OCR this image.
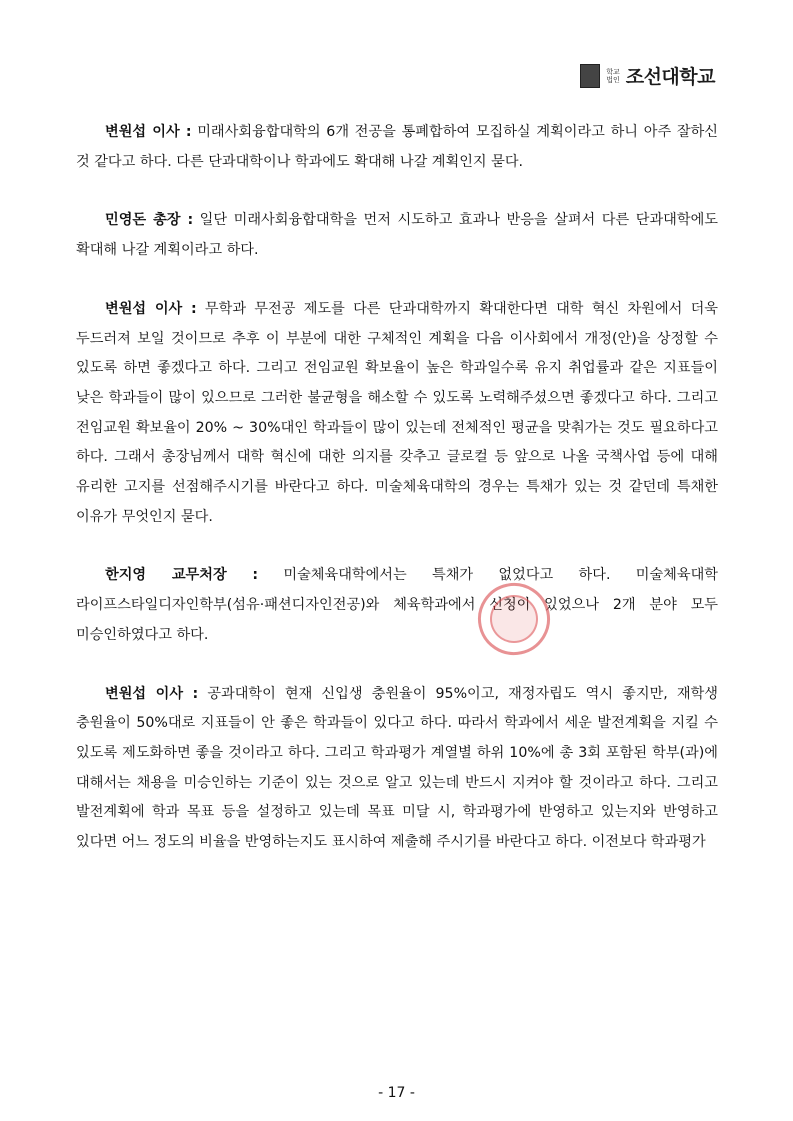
학교
법인 조선대학교

변원섭 이사 : 미래사회융합대학의 6개 전공을 통폐합하여 모집하실 계획이라고 하니 아주 잘하신 것 같다고 하다. 다른 단과대학이나 학과에도 확대해 나갈 계획인지 묻다.

민영돈 총장 : 일단 미래사회융합대학을 먼저 시도하고 효과나 반응을 살펴서 다른 단과대학에도 확대해 나갈 계획이라고 하다.

변원섭 이사 : 무학과 무전공 제도를 다른 단과대학까지 확대한다면 대학 혁신 차원에서 더욱 두드러져 보일 것이므로 추후 이 부분에 대한 구체적인 계획을 다음 이사회에서 개정(안)을 상정할 수 있도록 하면 좋겠다고 하다. 그리고 전임교원 확보율이 높은 학과일수록 유지 취업률과 같은 지표들이 낮은 학과들이 많이 있으므로 그러한 불균형을 해소할 수 있도록 노력해주셨으면 좋겠다고 하다. 그리고 전임교원 확보율이 20% ~ 30%대인 학과들이 많이 있는데 전체적인 평균을 맞춰가는 것도 필요하다고 하다. 그래서 총장님께서 대학 혁신에 대한 의지를 갖추고 글로컬 등 앞으로 나올 국책사업 등에 대해 유리한 고지를 선점해주시기를 바란다고 하다. 미술체육대학의 경우는 특채가 있는 것 같던데 특채한 이유가 무엇인지 묻다.

한지영 교무처장 : 미술체육대학에서는 특채가 없었다고 하다. 미술체육대학 라이프스타일디자인학부(섬유·패션디자인전공)와 체육학과에서 신청이 있었으나 2개 분야 모두 미승인하였다고 하다.

변원섭 이사 : 공과대학이 현재 신입생 충원율이 95%이고, 재정자립도 역시 좋지만, 재학생 충원율이 50%대로 지표들이 안 좋은 학과들이 있다고 하다. 따라서 학과에서 세운 발전계획을 지킬 수 있도록 제도화하면 좋을 것이라고 하다. 그리고 학과평가 계열별 하위 10%에 총 3회 포함된 학부(과)에 대해서는 채용을 미승인하는 기준이 있는 것으로 알고 있는데 반드시 지켜야 할 것이라고 하다. 그리고 발전계획에 학과 목표 등을 설정하고 있는데 목표 미달 시, 학과평가에 반영하고 있는지와 반영하고 있다면 어느 정도의 비율을 반영하는지도 표시하여 제출해 주시기를 바란다고 하다. 이전보다 학과평가

- 17 -
